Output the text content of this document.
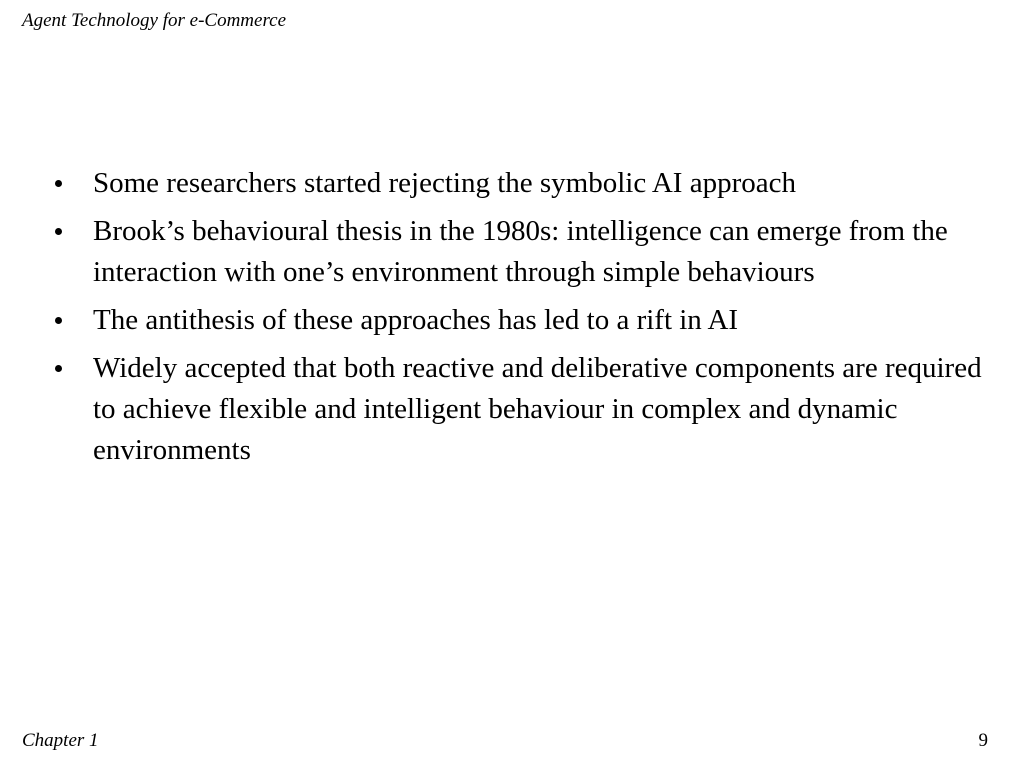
Agent Technology for e-Commerce
Some researchers started rejecting the symbolic AI approach
Brook’s behavioural thesis in the 1980s: intelligence can emerge from the interaction with one’s environment through simple behaviours
The antithesis of these approaches has led to a rift in AI
Widely accepted that both reactive and deliberative components are required to achieve flexible and intelligent behaviour in complex and dynamic environments
Chapter 1	9
